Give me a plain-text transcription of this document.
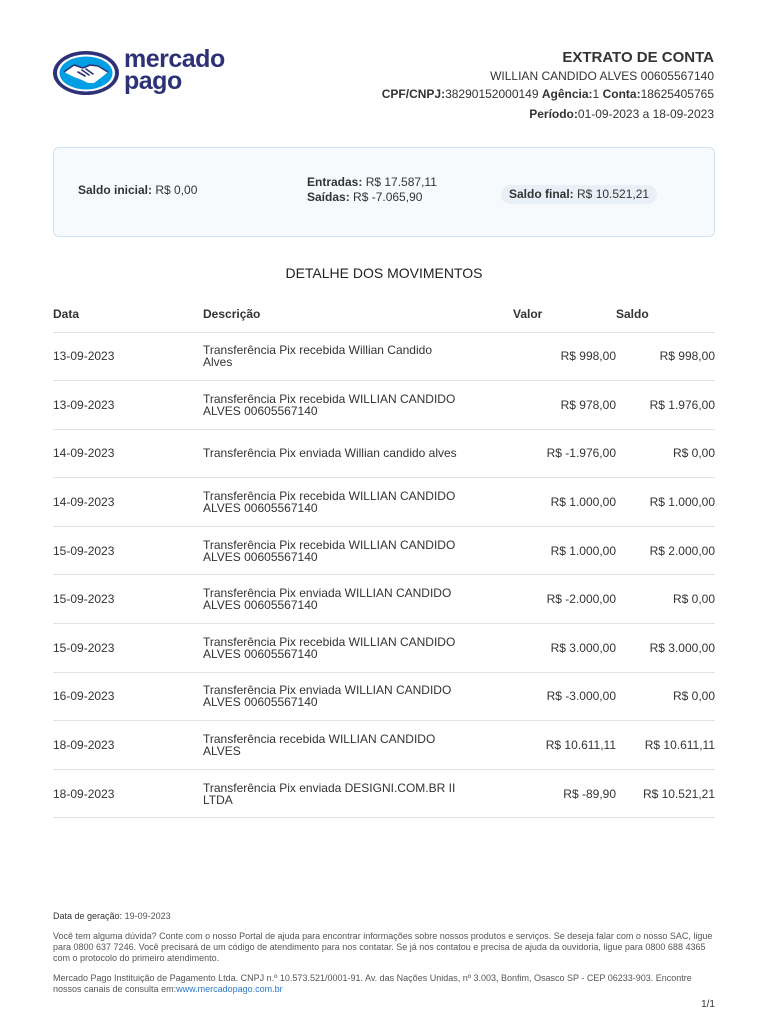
mercado
pago
EXTRATO DE CONTA
WILLIAN CANDIDO ALVES 00605567140
CPF/CNPJ:38290152000149 Agência:1 Conta:18625405765
Período:01-09-2023 a 18-09-2023
Saldo inicial: R$ 0,00
Entradas: R$ 17.587,11
Saídas: R$ -7.065,90	Saldo final: R$ 10.521,21
DETALHE DOS MOVIMENTOS
Data	Descrição	Valor	Saldo
13-09-2023	Transferência Pix recebida Willian Candido
Alves	R$ 998,00	R$ 998,00
13-09-2023	Transferência Pix recebida WILLIAN CANDIDO
ALVES 00605567140	R$ 978,00	R$ 1.976,00
14-09-2023	Transferência Pix enviada Willian candido alves	R$ -1.976,00	R$ 0,00
14-09-2023	Transferência Pix recebida WILLIAN CANDIDO
ALVES 00605567140	R$ 1.000,00	R$ 1.000,00
15-09-2023	Transferência Pix recebida WILLIAN CANDIDO
ALVES 00605567140	R$ 1.000,00	R$ 2.000,00
15-09-2023	Transferência Pix enviada WILLIAN CANDIDO
ALVES 00605567140	R$ -2.000,00	R$ 0,00
15-09-2023	Transferência Pix recebida WILLIAN CANDIDO
ALVES 00605567140	R$ 3.000,00	R$ 3.000,00
16-09-2023	Transferência Pix enviada WILLIAN CANDIDO
ALVES 00605567140	R$ -3.000,00	R$ 0,00
18-09-2023	Transferência recebida WILLIAN CANDIDO
ALVES	R$ 10.611,11	R$ 10.611,11
18-09-2023	Transferência Pix enviada DESIGNI.COM.BR II
LTDA	R$ -89,90	R$ 10.521,21

Data de geração: 19-09-2023

Você tem alguma dúvida? Conte com o nosso Portal de ajuda para encontrar informações sobre nossos produtos e serviços. Se deseja falar com o nosso SAC, ligue para 0800 637 7246. Você precisará de um código de atendimento para nos contatar. Se já nos contatou e precisa de ajuda da ouvidoria, ligue para 0800 688 4365 com o protocolo do primeiro atendimento.

Mercado Pago Instituição de Pagamento Ltda. CNPJ n.º 10.573.521/0001-91. Av. das Nações Unidas, nº 3.003, Bonfim, Osasco SP - CEP 06233-903. Encontre nossos canais de consulta em:www.mercadopago.com.br

1/1
